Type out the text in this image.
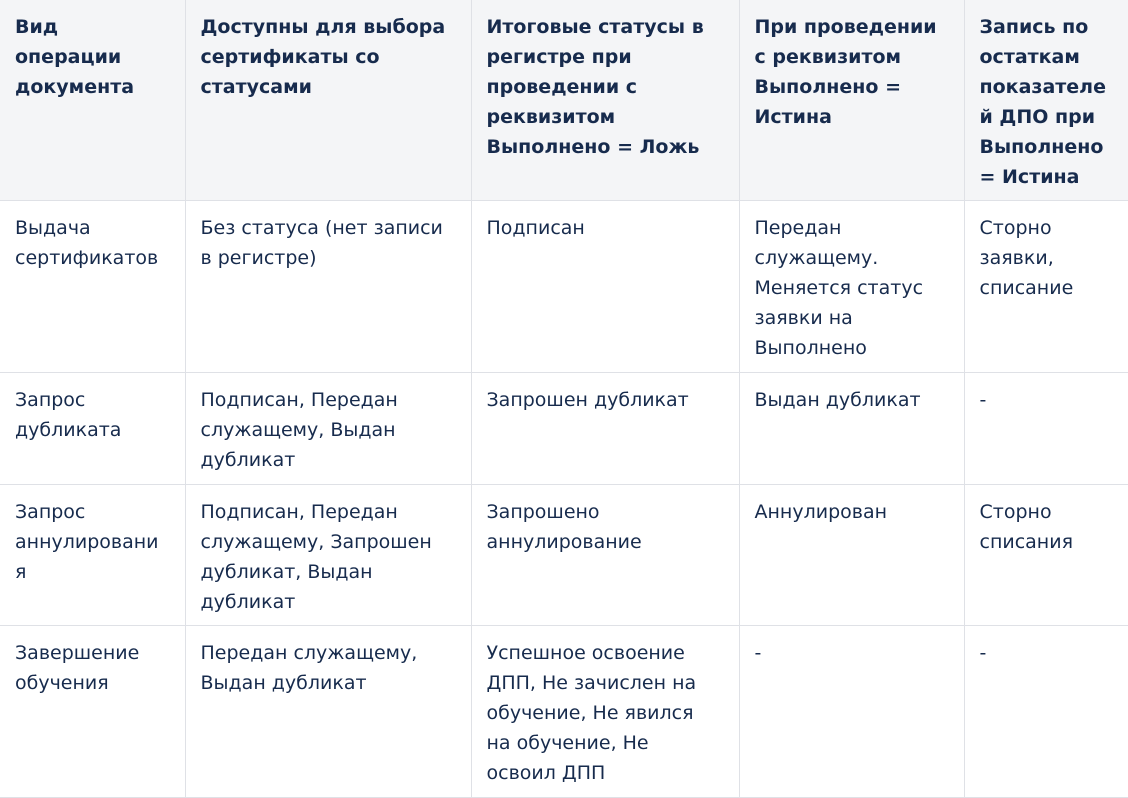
Вид операции документа	Доступны для выбора сертификаты со статусами	Итоговые статусы в регистре при проведении с реквизитом Выполнено = Ложь	При проведении с реквизитом Выполнено = Истина	Запись по остаткам показателей ДПО при Выполнено = Истина
Выдача сертификатов	Без статуса (нет записи в регистре)	Подписан	Передан служащему. Меняется статус заявки на Выполнено	Сторно заявки, списание
Запрос дубликата	Подписан, Передан служащему, Выдан дубликат	Запрошен дубликат	Выдан дубликат	-
Запрос аннулирования	Подписан, Передан служащему, Запрошен дубликат, Выдан дубликат	Запрошено аннулирование	Аннулирован	Сторно списания
Завершение обучения	Передан служащему, Выдан дубликат	Успешное освоение ДПП, Не зачислен на обучение, Не явился на обучение, Не освоил ДПП	-	-
